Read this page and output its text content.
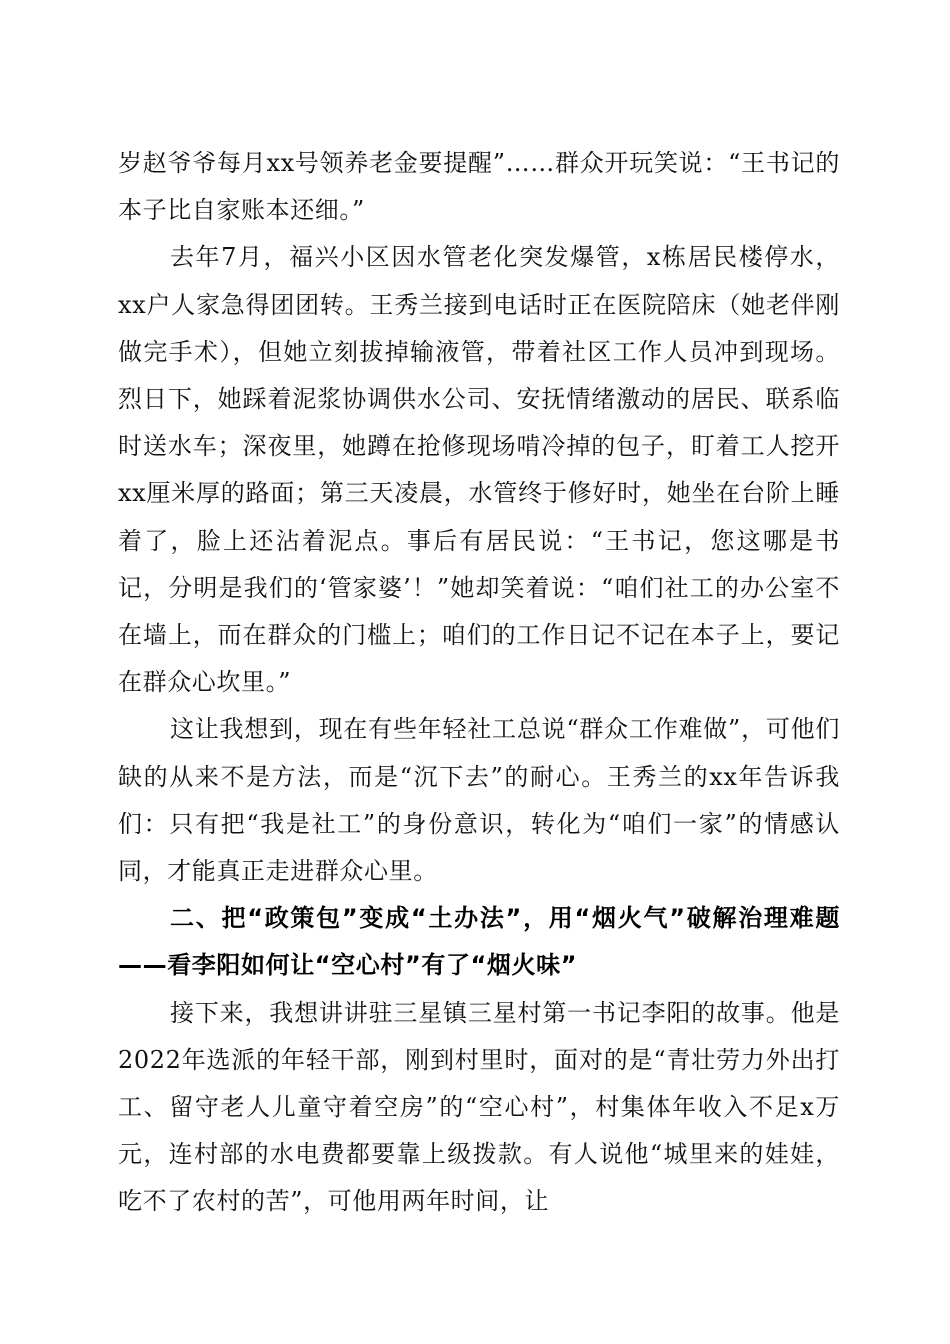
岁赵爷爷每月xx号领养老金要提醒”……群众开玩笑说：“王书记的本子比自家账本还细。”

去年7月，福兴小区因水管老化突发爆管，x栋居民楼停水，xx户人家急得团团转。王秀兰接到电话时正在医院陪床（她老伴刚做完手术），但她立刻拔掉输液管，带着社区工作人员冲到现场。烈日下，她踩着泥浆协调供水公司、安抚情绪激动的居民、联系临时送水车；深夜里，她蹲在抢修现场啃冷掉的包子，盯着工人挖开xx厘米厚的路面；第三天凌晨，水管终于修好时，她坐在台阶上睡着了，脸上还沾着泥点。事后有居民说：“王书记，您这哪是书记，分明是我们的‘管家婆’！”她却笑着说：“咱们社工的办公室不在墙上，而在群众的门槛上；咱们的工作日记不记在本子上，要记在群众心坎里。”

这让我想到，现在有些年轻社工总说“群众工作难做”，可他们缺的从来不是方法，而是“沉下去”的耐心。王秀兰的xx年告诉我们：只有把“我是社工”的身份意识，转化为“咱们一家”的情感认同，才能真正走进群众心里。

二、把“政策包”变成“土办法”，用“烟火气”破解治理难题——看李阳如何让“空心村”有了“烟火味”

接下来，我想讲讲驻三星镇三星村第一书记李阳的故事。他是2022年选派的年轻干部，刚到村里时，面对的是“青壮劳力外出打工、留守老人儿童守着空房”的“空心村”，村集体年收入不足x万元，连村部的水电费都要靠上级拨款。有人说他“城里来的娃娃，吃不了农村的苦”，可他用两年时间，让
